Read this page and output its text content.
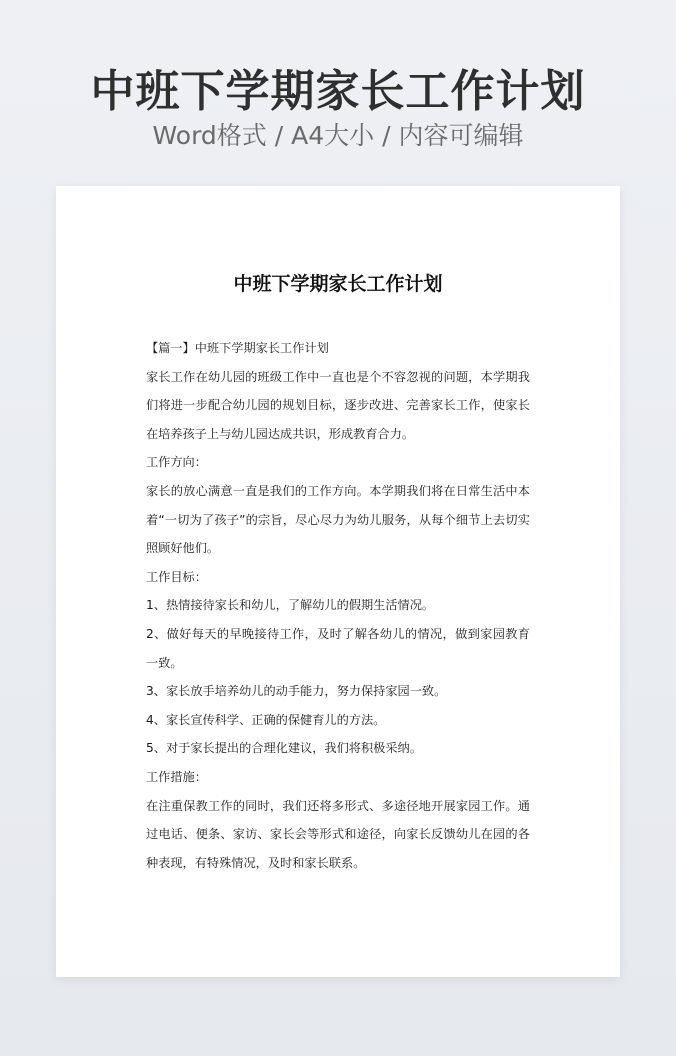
中班下学期家长工作计划
Word格式 / A4大小 / 内容可编辑
中班下学期家长工作计划

【篇一】中班下学期家长工作计划

家长工作在幼儿园的班级工作中一直也是个不容忽视的问题，本学期我们将进一步配合幼儿园的规划目标，逐步改进、完善家长工作，使家长在培养孩子上与幼儿园达成共识，形成教育合力。

工作方向：

家长的放心满意一直是我们的工作方向。本学期我们将在日常生活中本着“一切为了孩子”的宗旨，尽心尽力为幼儿服务，从每个细节上去切实照顾好他们。

工作目标：

1、热情接待家长和幼儿，了解幼儿的假期生活情况。

2、做好每天的早晚接待工作，及时了解各幼儿的情况，做到家园教育一致。

3、家长放手培养幼儿的动手能力，努力保持家园一致。

4、家长宣传科学、正确的保健育儿的方法。

5、对于家长提出的合理化建议，我们将积极采纳。

工作措施：

在注重保教工作的同时，我们还将多形式、多途径地开展家园工作。通过电话、便条、家访、家长会等形式和途径，向家长反馈幼儿在园的各种表现，有特殊情况，及时和家长联系。
